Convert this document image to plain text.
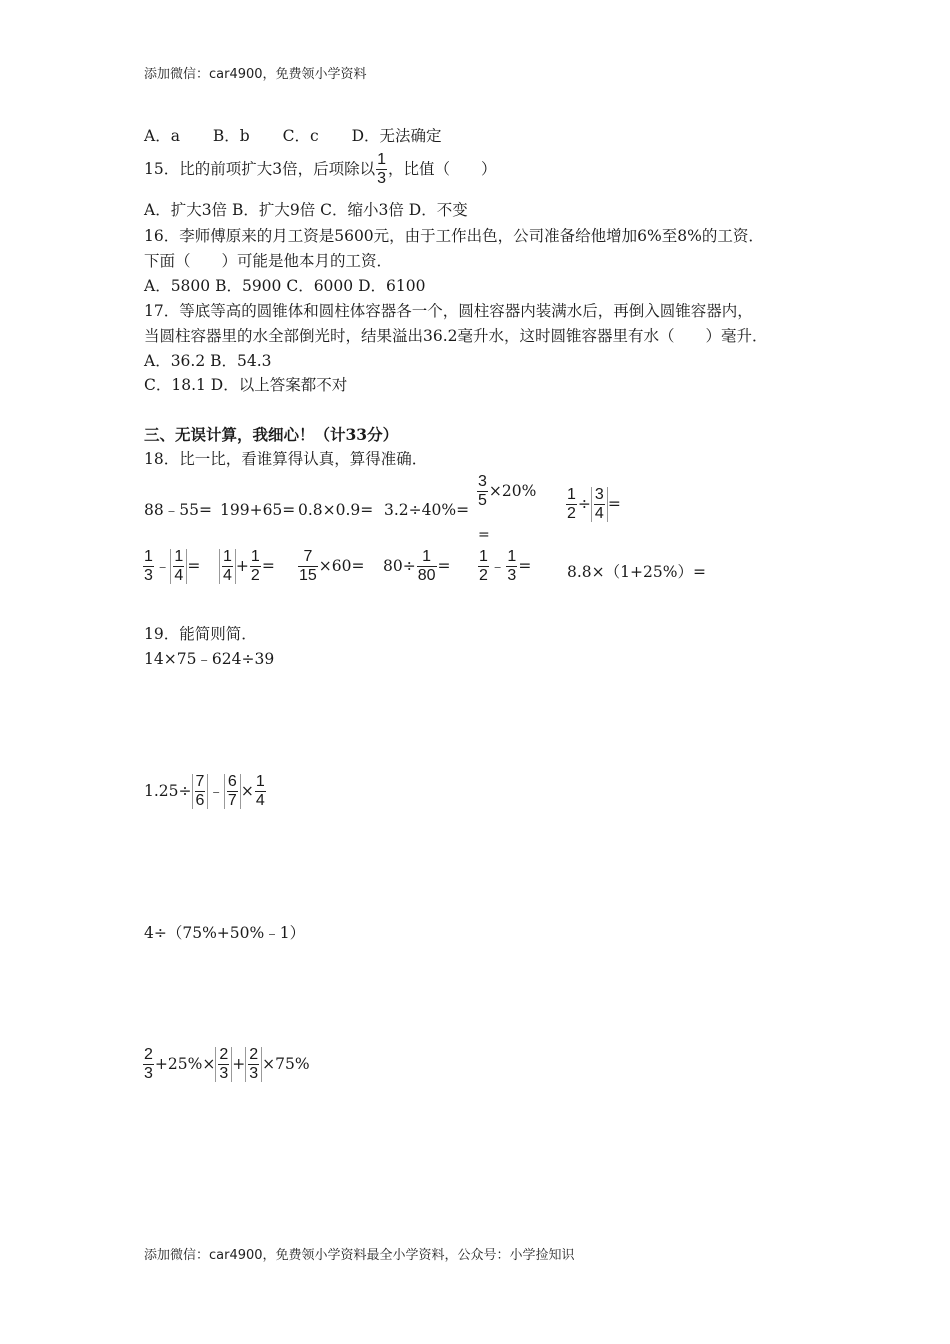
添加微信：car4900，免费领小学资料
A．a B．b C．c D．无法确定
15．比的前项扩大3倍，后项除以 $\frac{1}{3}$ ，比值（　　）
A．扩大3倍 B．扩大9倍 C．缩小3倍 D．不变
16．李师傅原来的月工资是5600元，由于工作出色，公司准备给他增加6%至8%的工资．
下面（　　）可能是他本月的工资．
A．5800 B．5900 C．6000 D．6100
17．等底等高的圆锥体和圆柱体容器各一个，圆柱容器内装满水后，再倒入圆锥容器内，
当圆柱容器里的水全部倒光时，结果溢出36.2毫升水，这时圆锥容器里有水（　　）毫升．
A．36.2 B．54.3
C．18.1 D．以上答案都不对
三、无误计算，我细心！（计33分）
18．比一比，看谁算得认真，算得准确．
88﹣55= 199+65= 0.8×0.9= 3.2÷40%=
$\frac{3}{5} \times 20\%$
=
$\frac{1}{2} \div \frac{3}{4}$ =
$\frac{1}{3}$ ﹣ $\frac{1}{4} = \frac{1}{4} + \frac{1}{2} = \frac{7}{15} \times 60= 80\div \frac{1}{80} = \frac{1}{2}$ ﹣ $\frac{1}{3} = 8.8\times(1+25\%)=$
19．能简则简．
14×75﹣624÷39
$1.25\div \frac{7}{6}$ ﹣ $\frac{6}{7} \times \frac{1}{4}$
4÷（75%+50%﹣1）
$\frac{2}{3} +25\%\times \frac{2}{3} + \frac{2}{3} \times 75\%$
添加微信：car4900，免费领小学资料最全小学资料，公众号：小学捡知识
